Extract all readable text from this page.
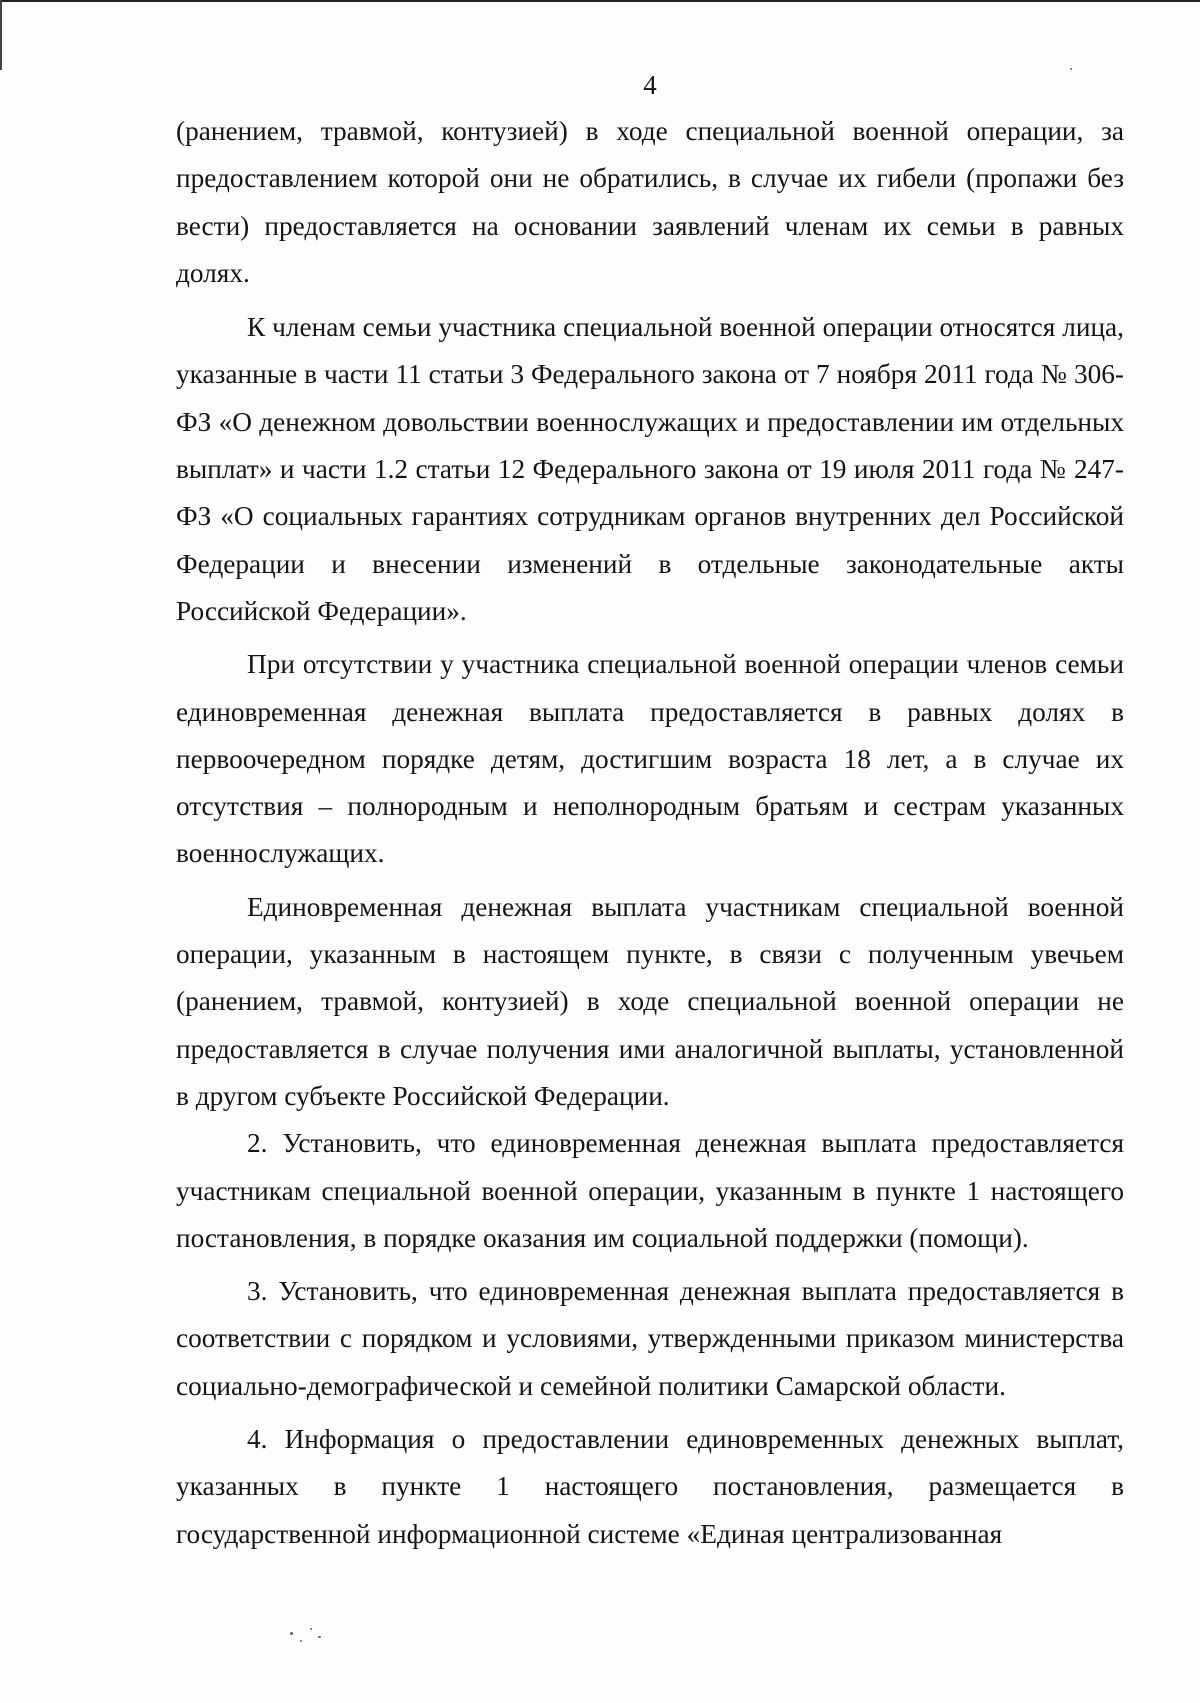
4

(ранением, травмой, контузией) в ходе специальной военной операции, за предоставлением которой они не обратились, в случае их гибели (пропажи без вести) предоставляется на основании заявлений членам их семьи в равных долях.

К членам семьи участника специальной военной операции относятся лица, указанные в части 11 статьи 3 Федерального закона от 7 ноября 2011 года № 306-ФЗ «О денежном довольствии военнослужащих и предоставлении им отдельных выплат» и части 1.2 статьи 12 Федерального закона от 19 июля 2011 года № 247-ФЗ «О социальных гарантиях сотрудникам органов внутренних дел Российской Федерации и внесении изменений в отдельные законодательные акты Российской Федерации».

При отсутствии у участника специальной военной операции членов семьи единовременная денежная выплата предоставляется в равных долях в первоочередном порядке детям, достигшим возраста 18 лет, а в случае их отсутствия – полнородным и неполнородным братьям и сестрам указанных военнослужащих.

Единовременная денежная выплата участникам специальной военной операции, указанным в настоящем пункте, в связи с полученным увечьем (ранением, травмой, контузией) в ходе специальной военной операции не предоставляется в случае получения ими аналогичной выплаты, установленной в другом субъекте Российской Федерации.

2. Установить, что единовременная денежная выплата предоставляется участникам специальной военной операции, указанным в пункте 1 настоящего постановления, в порядке оказания им социальной поддержки (помощи).

3. Установить, что единовременная денежная выплата предоставляется в соответствии с порядком и условиями, утвержденными приказом министерства социально-демографической и семейной политики Самарской области.

4. Информация о предоставлении единовременных денежных выплат, указанных в пункте 1 настоящего постановления, размещается в государственной информационной системе «Единая централизованная
